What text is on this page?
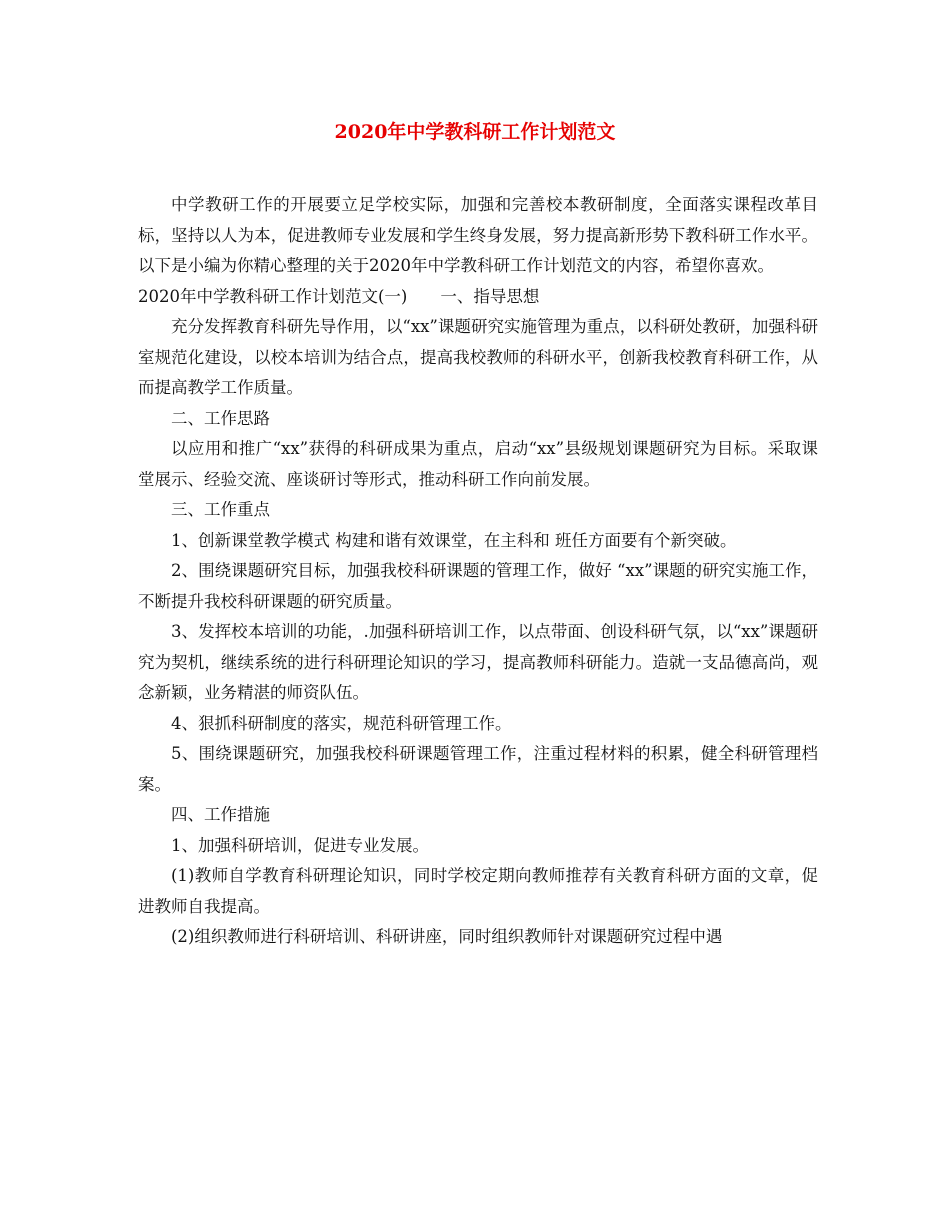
2020年中学教科研工作计划范文

中学教研工作的开展要立足学校实际，加强和完善校本教研制度，全面落实课程改革目标，坚持以人为本，促进教师专业发展和学生终身发展，努力提高新形势下教科研工作水平。以下是小编为你精心整理的关于2020年中学教科研工作计划范文的内容，希望你喜欢。

2020年中学教科研工作计划范文(一)　　一、指导思想

充分发挥教育科研先导作用，以“xx”课题研究实施管理为重点，以科研处教研，加强科研室规范化建设，以校本培训为结合点，提高我校教师的科研水平，创新我校教育科研工作，从而提高教学工作质量。

二、工作思路

以应用和推广“xx”获得的科研成果为重点，启动“xx”县级规划课题研究为目标。采取课堂展示、经验交流、座谈研讨等形式，推动科研工作向前发展。

三、工作重点

1、创新课堂教学模式 构建和谐有效课堂，在主科和 班任方面要有个新突破。

2、围绕课题研究目标，加强我校科研课题的管理工作，做好 “xx”课题的研究实施工作，不断提升我校科研课题的研究质量。

3、发挥校本培训的功能，.加强科研培训工作，以点带面、创设科研气氛，以“xx”课题研究为契机，继续系统的进行科研理论知识的学习，提高教师科研能力。造就一支品德高尚，观念新颖，业务精湛的师资队伍。

4、狠抓科研制度的落实，规范科研管理工作。

5、围绕课题研究，加强我校科研课题管理工作，注重过程材料的积累，健全科研管理档案。

四、工作措施

1、加强科研培训，促进专业发展。

(1)教师自学教育科研理论知识，同时学校定期向教师推荐有关教育科研方面的文章，促进教师自我提高。

(2)组织教师进行科研培训、科研讲座，同时组织教师针对课题研究过程中遇
